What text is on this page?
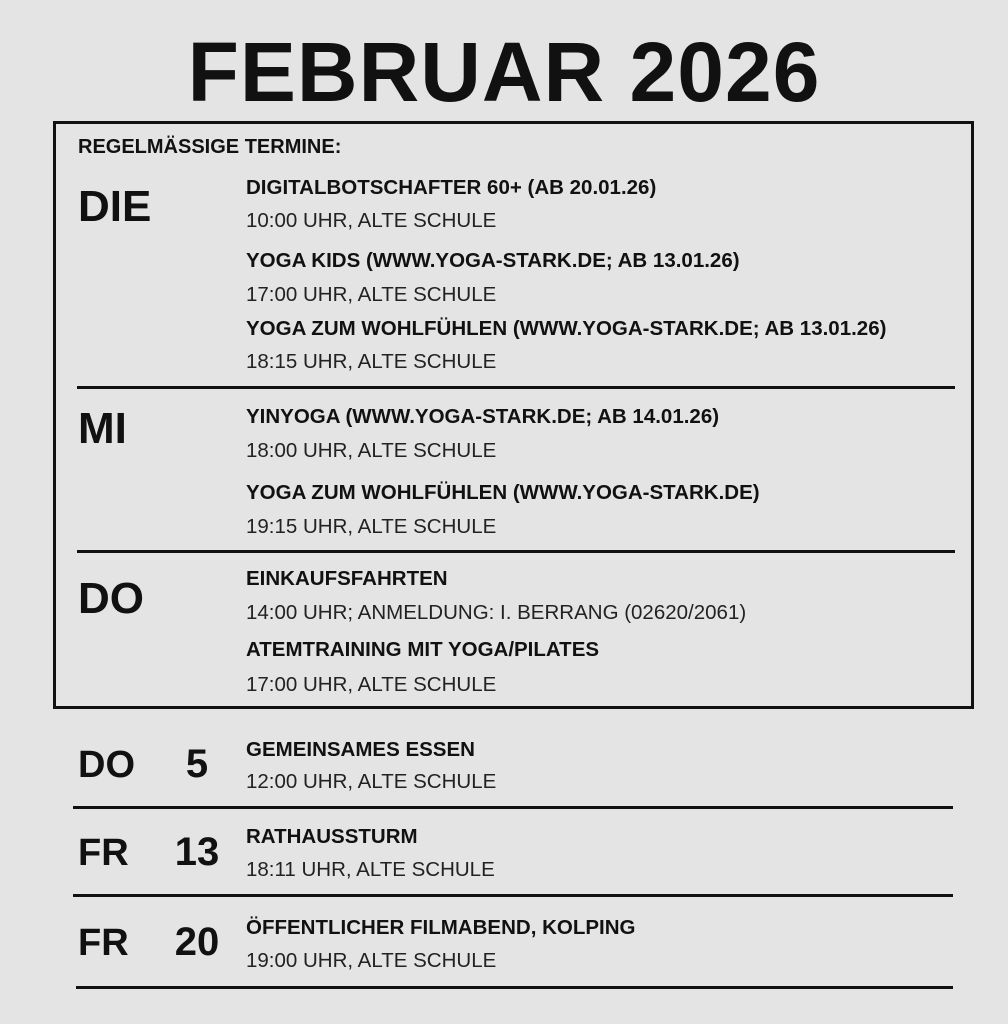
FEBRUAR 2026
REGELMÄSSIGE TERMINE:
DIE	DIGITALBOTSCHAFTER 60+ (AB 20.01.26)
10:00 UHR, ALTE SCHULE
YOGA KIDS (WWW.YOGA-STARK.DE; AB 13.01.26)
17:00 UHR, ALTE SCHULE
YOGA ZUM WOHLFÜHLEN (WWW.YOGA-STARK.DE; AB 13.01.26)
18:15 UHR, ALTE SCHULE
MI	YINYOGA (WWW.YOGA-STARK.DE; AB 14.01.26)
18:00 UHR, ALTE SCHULE
YOGA ZUM WOHLFÜHLEN (WWW.YOGA-STARK.DE)
19:15 UHR, ALTE SCHULE
DO	EINKAUFSFAHRTEN
14:00 UHR; ANMELDUNG: I. BERRANG (02620/2061)
ATEMTRAINING MIT YOGA/PILATES
17:00 UHR, ALTE SCHULE
DO	5	GEMEINSAMES ESSEN
12:00 UHR, ALTE SCHULE
FR	13	RATHAUSSTURM
18:11 UHR, ALTE SCHULE
FR	20	ÖFFENTLICHER FILMABEND, KOLPING
19:00 UHR, ALTE SCHULE
